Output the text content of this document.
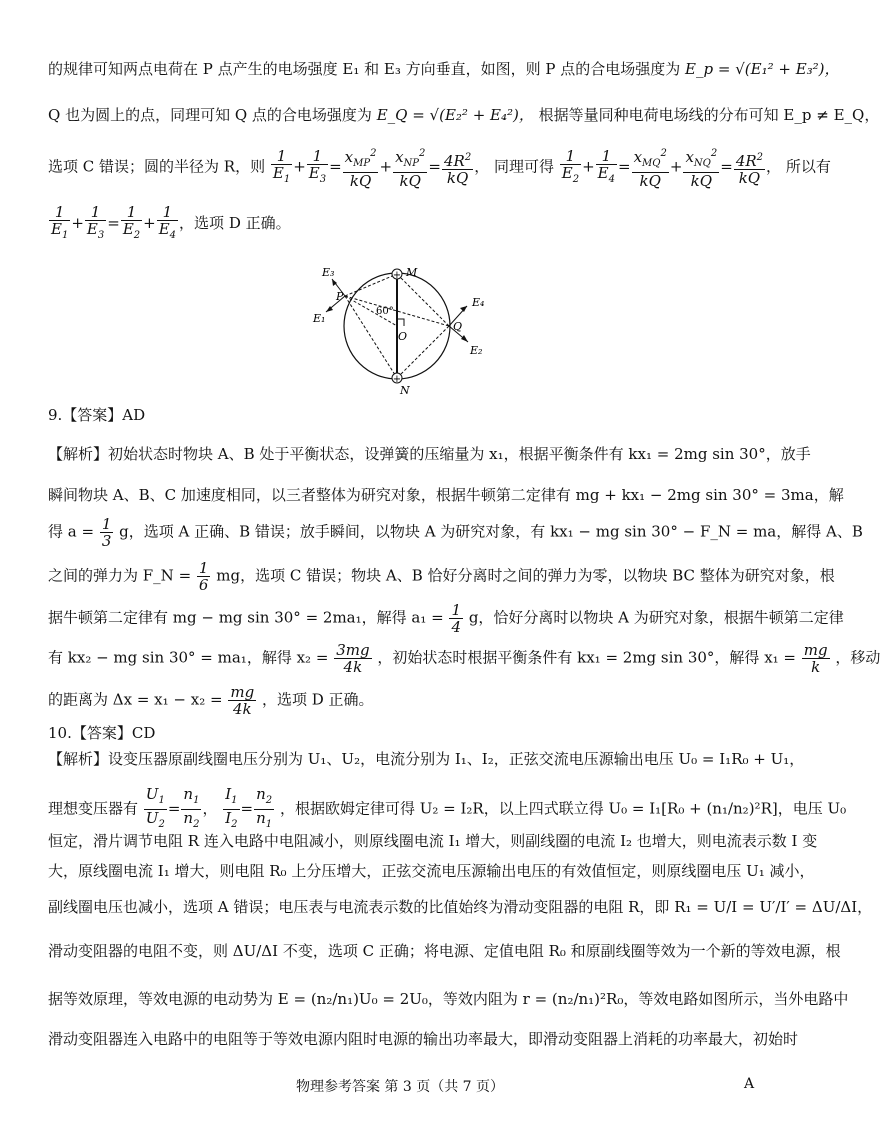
的规律可知两点电荷在 P 点产生的电场强度 E₁ 和 E₃ 方向垂直，如图，则 P 点的合电场强度为 E_p = √(E₁² + E₃²)，
Q 也为圆上的点，同理可知 Q 点的合电场强度为 E_Q = √(E₂² + E₄²)， 根据等量同种电荷电场线的分布可知 E_p ≠ E_Q，
选项 C 错误；圆的半径为 R，则 $\frac{1}{E_1} + \frac{1}{E_3} = \frac{x_{MP}^2}{kQ} + \frac{x_{NP}^2}{kQ} = \frac{4R^2}{kQ}$ ， 同理可得 $\frac{1}{E_2} + \frac{1}{E_4} = \frac{x_{MQ}^2}{kQ} + \frac{x_{NQ}^2}{kQ} = \frac{4R^2}{kQ}$ ， 所以有
$\frac{1}{E_1} + \frac{1}{E_3} = \frac{1}{E_2} + \frac{1}{E_4}$ ，选项 D 正确。
+
+
E₃
E₁
E₄
E₂
M
N
P
Q
O
60°
9.【答案】AD
【解析】初始状态时物块 A、B 处于平衡状态，设弹簧的压缩量为 x₁，根据平衡条件有 kx₁ = 2mg sin 30°，放手
瞬间物块 A、B、C 加速度相同，以三者整体为研究对象，根据牛顿第二定律有 mg + kx₁ − 2mg sin 30° = 3ma，解
得 $a = \frac{1}{3}$ g，选项 A 正确、B 错误；放手瞬间，以物块 A 为研究对象，有 kx₁ − mg sin 30° − F_N = ma，解得 A、B
之间的弹力为 F_N = $\frac{1}{6}$ mg，选项 C 错误；物块 A、B 恰好分离时之间的弹力为零，以物块 BC 整体为研究对象，根
据牛顿第二定律有 mg − mg sin 30° = 2ma₁，解得 $a_1 = \frac{1}{4}$ g，恰好分离时以物块 A 为研究对象，根据牛顿第二定律
有 kx₂ − mg sin 30° = ma₁，解得 $x_2 = \frac{3mg}{4k}$ ，初始状态时根据平衡条件有 kx₁ = 2mg sin 30°，解得 $x_1 = \frac{mg}{k}$ ，移动
的距离为 $\Delta x = x_1 - x_2 = \frac{mg}{4k}$ ，选项 D 正确。
10.【答案】CD
【解析】设变压器原副线圈电压分别为 U₁、U₂，电流分别为 I₁、I₂，正弦交流电压源输出电压 U₀ = I₁R₀ + U₁，
理想变压器有 $\frac{U_1}{U_2} = \frac{n_1}{n_2}$ ， $\frac{I_1}{I_2} = \frac{n_2}{n_1}$ ，根据欧姆定律可得 U₂ = I₂R，以上四式联立得 U₀ = I₁[R₀ + (n₁/n₂)²R]，电压 U₀
恒定，滑片调节电阻 R 连入电路中电阻减小，则原线圈电流 I₁ 增大，则副线圈的电流 I₂ 也增大，则电流表示数 I 变
大，原线圈电流 I₁ 增大，则电阻 R₀ 上分压增大，正弦交流电压源输出电压的有效值恒定，则原线圈电压 U₁ 减小，
副线圈电压也减小，选项 A 错误；电压表与电流表示数的比值始终为滑动变阻器的电阻 R，即 R₁ = U/I = U′/I′ = ΔU/ΔI，
滑动变阻器的电阻不变，则 ΔU/ΔI 不变，选项 C 正确；将电源、定值电阻 R₀ 和原副线圈等效为一个新的等效电源，根
据等效原理，等效电源的电动势为 E = (n₂/n₁)U₀ = 2U₀，等效内阻为 r = (n₂/n₁)²R₀，等效电路如图所示，当外电路中
滑动变阻器连入电路中的电阻等于等效电源内阻时电源的输出功率最大，即滑动变阻器上消耗的功率最大，初始时
物理参考答案 第 3 页（共 7 页）	A
